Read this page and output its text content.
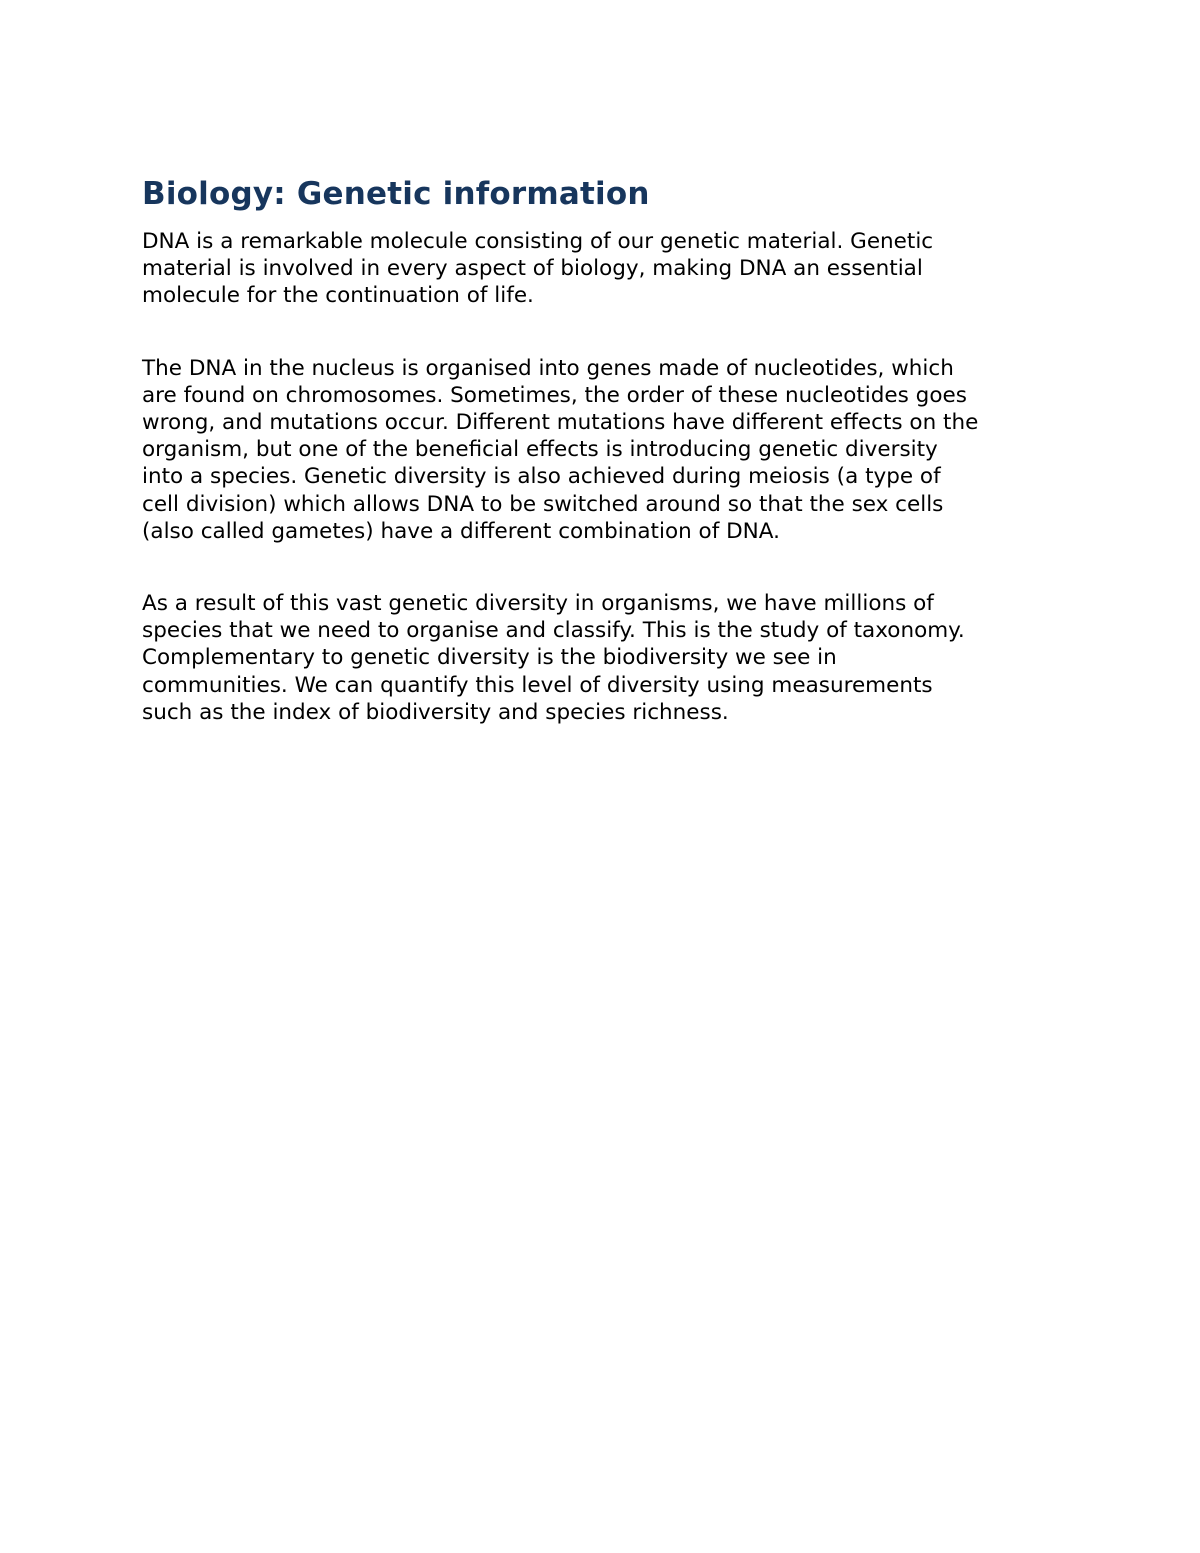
Biology: Genetic information

DNA is a remarkable molecule consisting of our genetic material. Genetic
material is involved in every aspect of biology, making DNA an essential
molecule for the continuation of life.

The DNA in the nucleus is organised into genes made of nucleotides, which
are found on chromosomes. Sometimes, the order of these nucleotides goes
wrong, and mutations occur. Different mutations have different effects on the
organism, but one of the beneficial effects is introducing genetic diversity
into a species. Genetic diversity is also achieved during meiosis (a type of
cell division) which allows DNA to be switched around so that the sex cells
(also called gametes) have a different combination of DNA.

As a result of this vast genetic diversity in organisms, we have millions of
species that we need to organise and classify. This is the study of taxonomy.
Complementary to genetic diversity is the biodiversity we see in
communities. We can quantify this level of diversity using measurements
such as the index of biodiversity and species richness.
